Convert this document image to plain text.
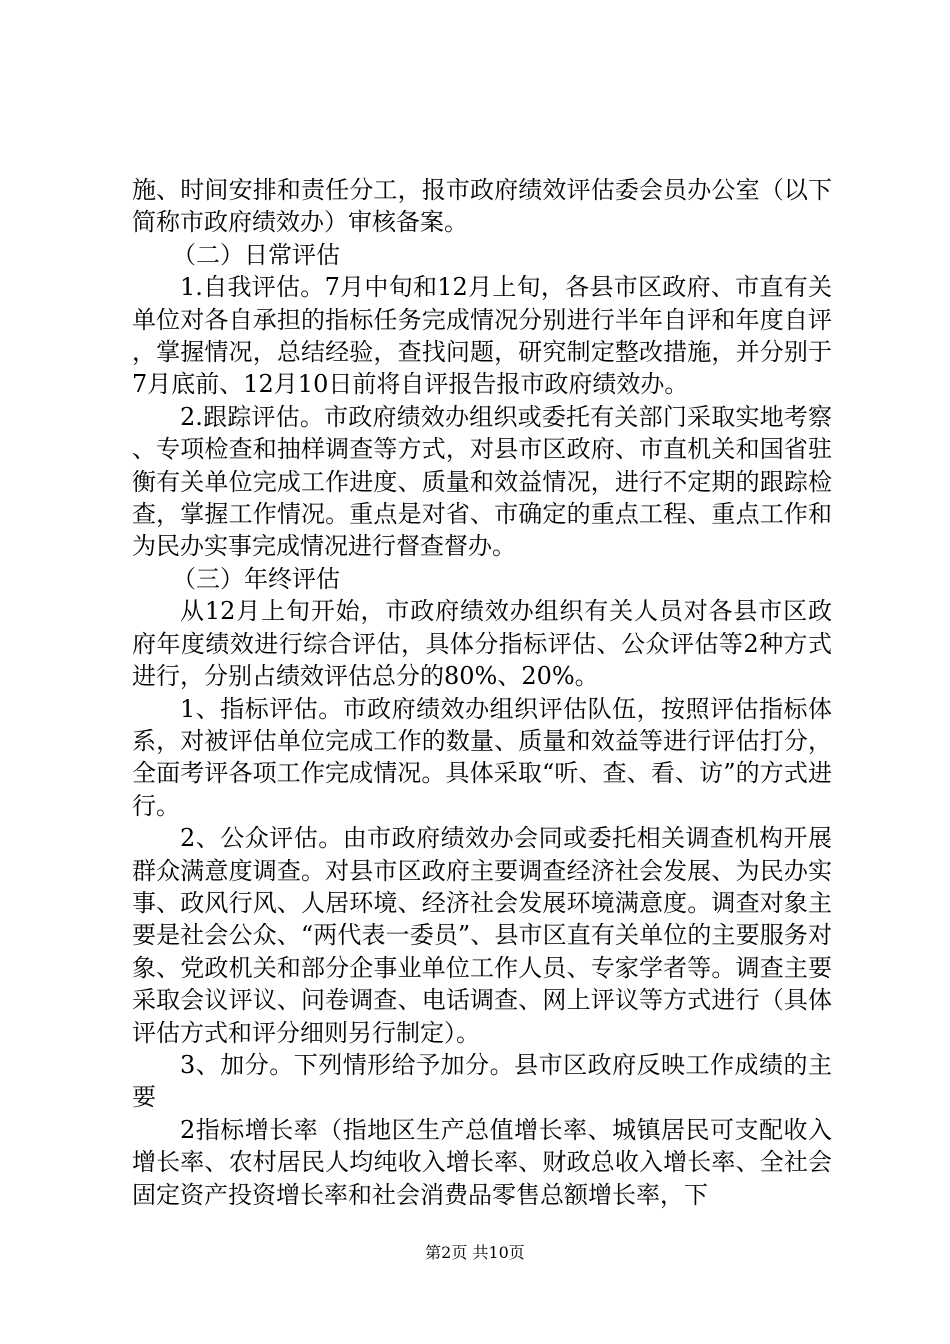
施、时间安排和责任分工，报市政府绩效评估委会员办公室（以下简称市政府绩效办）审核备案。

（二）日常评估

1.自我评估。7月中旬和12月上旬，各县市区政府、市直有关单位对各自承担的指标任务完成情况分别进行半年自评和年度自评，掌握情况，总结经验，查找问题，研究制定整改措施，并分别于7月底前、12月10日前将自评报告报市政府绩效办。

2.跟踪评估。市政府绩效办组织或委托有关部门采取实地考察、专项检查和抽样调查等方式，对县市区政府、市直机关和国省驻衡有关单位完成工作进度、质量和效益情况，进行不定期的跟踪检查，掌握工作情况。重点是对省、市确定的重点工程、重点工作和为民办实事完成情况进行督查督办。

（三）年终评估

从12月上旬开始，市政府绩效办组织有关人员对各县市区政府年度绩效进行综合评估，具体分指标评估、公众评估等2种方式进行，分别占绩效评估总分的80%、20%。

1、指标评估。市政府绩效办组织评估队伍，按照评估指标体系，对被评估单位完成工作的数量、质量和效益等进行评估打分，全面考评各项工作完成情况。具体采取“听、查、看、访”的方式进行。

2、公众评估。由市政府绩效办会同或委托相关调查机构开展群众满意度调查。对县市区政府主要调查经济社会发展、为民办实事、政风行风、人居环境、经济社会发展环境满意度。调查对象主要是社会公众、“两代表一委员”、县市区直有关单位的主要服务对象、党政机关和部分企事业单位工作人员、专家学者等。调查主要采取会议评议、问卷调查、电话调查、网上评议等方式进行（具体评估方式和评分细则另行制定）。

3、加分。下列情形给予加分。县市区政府反映工作成绩的主要

2指标增长率（指地区生产总值增长率、城镇居民可支配收入增长率、农村居民人均纯收入增长率、财政总收入增长率、全社会固定资产投资增长率和社会消费品零售总额增长率，下

第2页 共10页
